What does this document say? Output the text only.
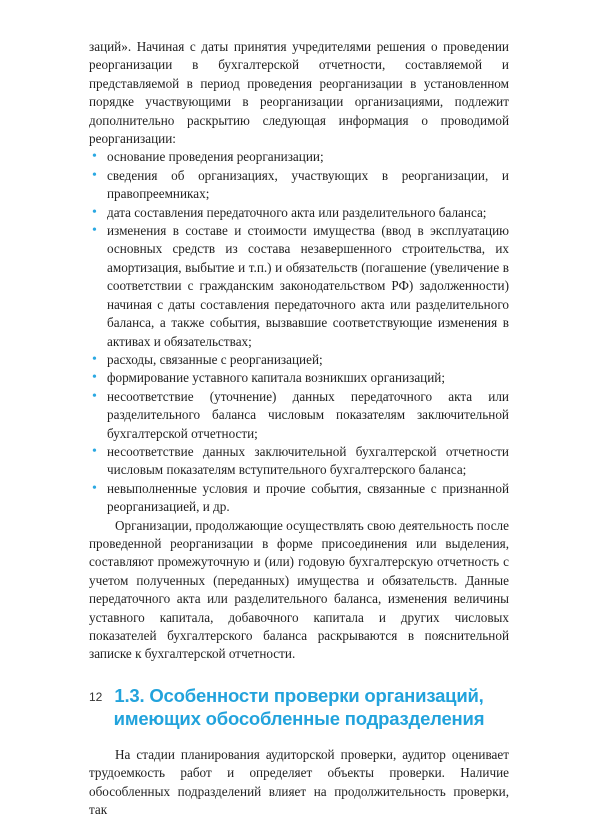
заций». Начиная с даты принятия учредителями решения о проведении реорганизации в бухгалтерской отчетности, составляемой и представляемой в период проведения реорганизации в установленном порядке участвующими в реорганизации организациями, подлежит дополнительно раскрытию следующая информация о проводимой реорганизации:

• основание проведения реорганизации;
• сведения об организациях, участвующих в реорганизации, и правопреемниках;
• дата составления передаточного акта или разделительного баланса;
• изменения в составе и стоимости имущества (ввод в эксплуатацию основных средств из состава незавершенного строительства, их амортизация, выбытие и т.п.) и обязательств (погашение (увеличение в соответствии с гражданским законодательством РФ) задолженности) начиная с даты составления передаточного акта или разделительного баланса, а также события, вызвавшие соответствующие изменения в активах и обязательствах;
• расходы, связанные с реорганизацией;
• формирование уставного капитала возникших организаций;
• несоответствие (уточнение) данных передаточного акта или разделительного баланса числовым показателям заключительной бухгалтерской отчетности;
• несоответствие данных заключительной бухгалтерской отчетности числовым показателям вступительного бухгалтерского баланса;
• невыполненные условия и прочие события, связанные с признанной реорганизацией, и др.

Организации, продолжающие осуществлять свою деятельность после проведенной реорганизации в форме присоединения или выделения, составляют промежуточную и (или) годовую бухгалтерскую отчетность с учетом полученных (переданных) имущества и обязательств. Данные передаточного акта или разделительного баланса, изменения величины уставного капитала, добавочного капитала и других числовых показателей бухгалтерского баланса раскрываются в пояснительной записке к бухгалтерской отчетности.

1.3. Особенности проверки организаций,
имеющих обособленные подразделения

На стадии планирования аудиторской проверки, аудитор оценивает трудоемкость работ и определяет объекты проверки. Наличие обособленных подразделений влияет на продолжительность проверки, так

12
